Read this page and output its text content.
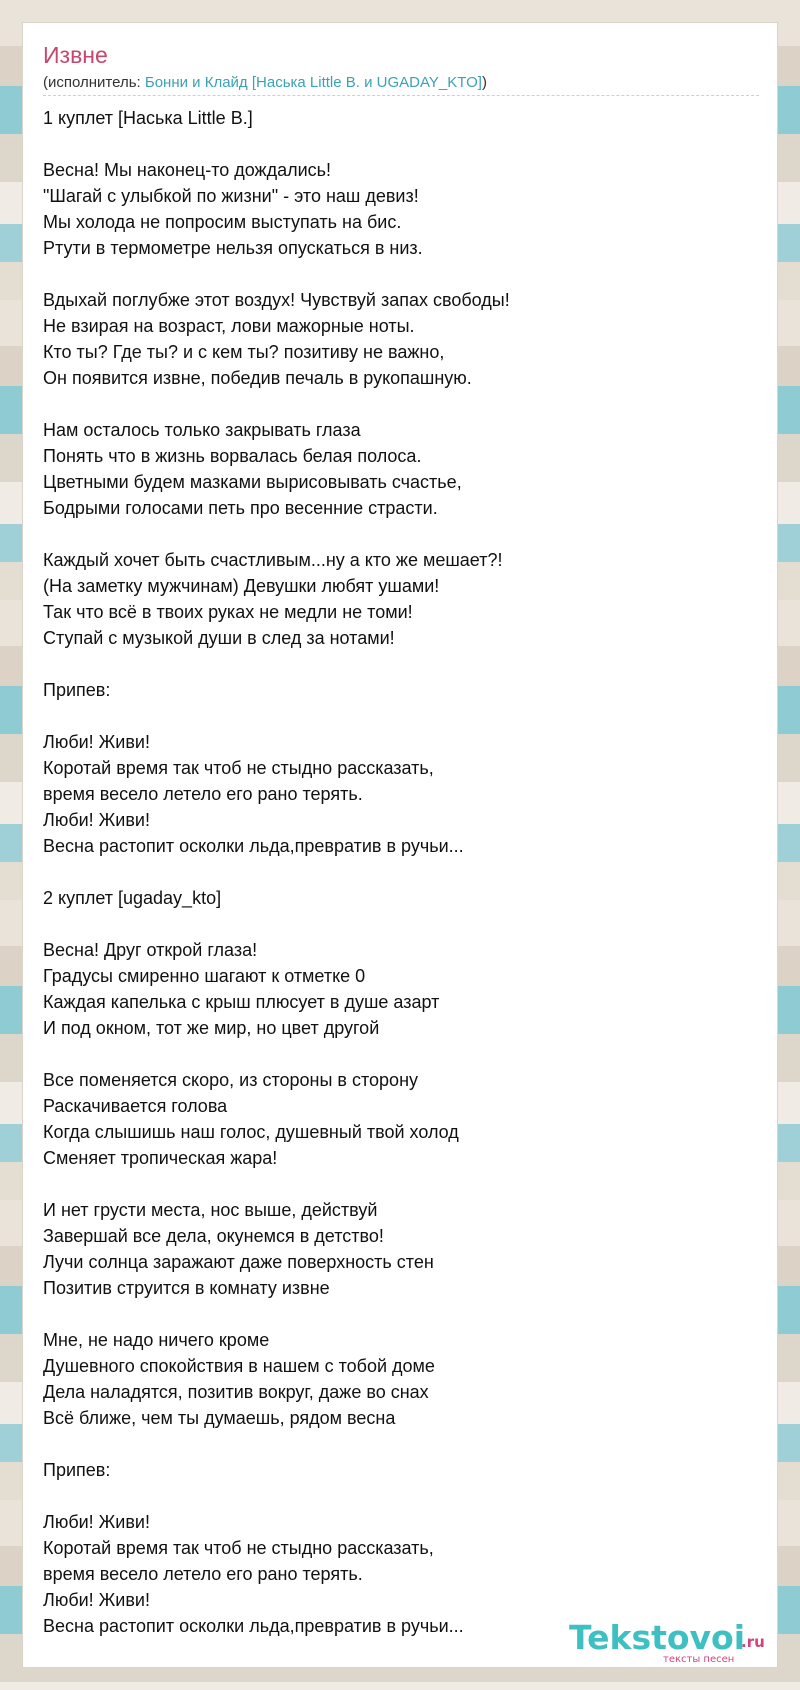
Извне
(исполнитель: Бонни и Клайд [Наська Little B. и UGADAY_KTO])
1 куплет [Наська Little B.]

Весна! Мы наконец-то дождались!
"Шагай с улыбкой по жизни" - это наш девиз!
Мы холода не попросим выступать на бис.
Ртути в термометре нельзя опускаться в низ.

Вдыхай поглубже этот воздух! Чувствуй запах свободы!
Не взирая на возраст, лови мажорные ноты.
Кто ты? Где ты? и с кем ты? позитиву не важно,
Он появится извне, победив печаль в рукопашную.

Нам осталось только закрывать глаза
Понять что в жизнь ворвалась белая полоса.
Цветными будем мазками вырисовывать счастье,
Бодрыми голосами петь про весенние страсти.

Каждый хочет быть счастливым...ну а кто же мешает?!
(На заметку мужчинам) Девушки любят ушами!
Так что всё в твоих руках не медли не томи!
Ступай с музыкой души в след за нотами!

Припев:

Люби! Живи!
Коротай время так чтоб не стыдно рассказать,
время весело летело его рано терять.
Люби! Живи!
Весна растопит осколки льда,превратив в ручьи...

2 куплет [ugaday_kto]

Весна! Друг открой глаза!
Градусы смиренно шагают к отметке 0
Каждая капелька с крыш плюсует в душе азарт
И под окном, тот же мир, но цвет другой

Все поменяется скоро, из стороны в сторону
Раскачивается голова
Когда слышишь наш голос, душевный твой холод
Сменяет тропическая жара!

И нет грусти места, нос выше, действуй
Завершай все дела, окунемся в детство!
Лучи солнца заражают даже поверхность стен
Позитив струится в комнату извне

Мне, не надо ничего кроме
Душевного спокойствия в нашем с тобой доме
Дела наладятся, позитив вокруг, даже во снах
Всё ближе, чем ты думаешь, рядом весна

Припев:

Люби! Живи!
Коротай время так чтоб не стыдно рассказать,
время весело летело его рано терять.
Люби! Живи!
Весна растопит осколки льда,превратив в ручьи...	Tekstovoi
.ru
тексты песен
